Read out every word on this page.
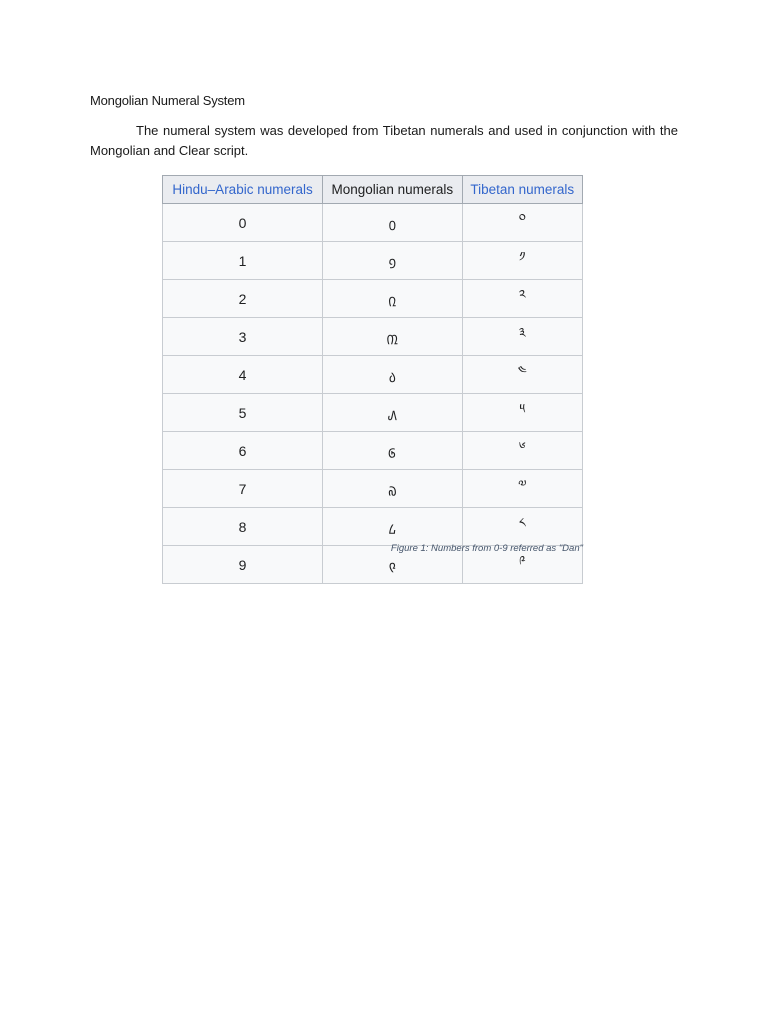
Mongolian Numeral System
The numeral system was developed from Tibetan numerals and used in conjunction with the Mongolian and Clear script.
Hindu–Arabic numerals	Mongolian numerals	Tibetan numerals
0	᠐	༠
1	᠑	༡
2	᠒	༢
3	᠓	༣
4	᠔	༤
5	᠕	༥
6	᠖	༦
7	᠗	༧
8	᠘	༨
9	᠙	༩
Figure 1: Numbers from 0-9 referred as "Dan"
